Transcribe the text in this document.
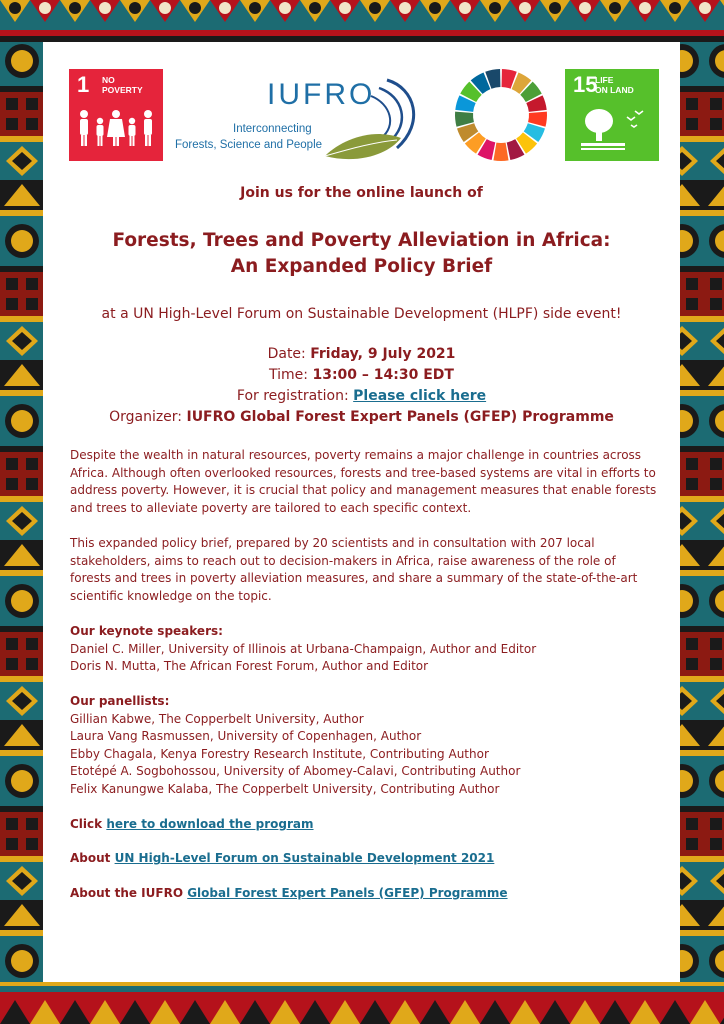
1 NO
POVERTY	IUFRO
Interconnecting
Forests, Science and People
15
LIFE
ON LAND
Join us for the online launch of
Forests, Trees and Poverty Alleviation in Africa:
An Expanded Policy Brief
at a UN High-Level Forum on Sustainable Development (HLPF) side event!
Date: Friday, 9 July 2021
Time: 13:00 – 14:30 EDT
For registration: Please click here
Organizer: IUFRO Global Forest Expert Panels (GFEP) Programme
Despite the wealth in natural resources, poverty remains a major challenge in countries across Africa. Although often overlooked resources, forests and tree-based systems are vital in efforts to address poverty. However, it is crucial that policy and management measures that enable forests and trees to alleviate poverty are tailored to each specific context.
This expanded policy brief, prepared by 20 scientists and in consultation with 207 local stakeholders, aims to reach out to decision-makers in Africa, raise awareness of the role of forests and trees in poverty alleviation measures, and share a summary of the state-of-the-art scientific knowledge on the topic.
Our keynote speakers:
Daniel C. Miller, University of Illinois at Urbana-Champaign, Author and Editor
Doris N. Mutta, The African Forest Forum, Author and Editor
Our panellists:
Gillian Kabwe, The Copperbelt University, Author
Laura Vang Rasmussen, University of Copenhagen, Author
Ebby Chagala, Kenya Forestry Research Institute, Contributing Author
Etotépé A. Sogbohossou, University of Abomey-Calavi, Contributing Author
Felix Kanungwe Kalaba, The Copperbelt University, Contributing Author
Click here to download the program
About UN High-Level Forum on Sustainable Development 2021
About the IUFRO Global Forest Expert Panels (GFEP) Programme
